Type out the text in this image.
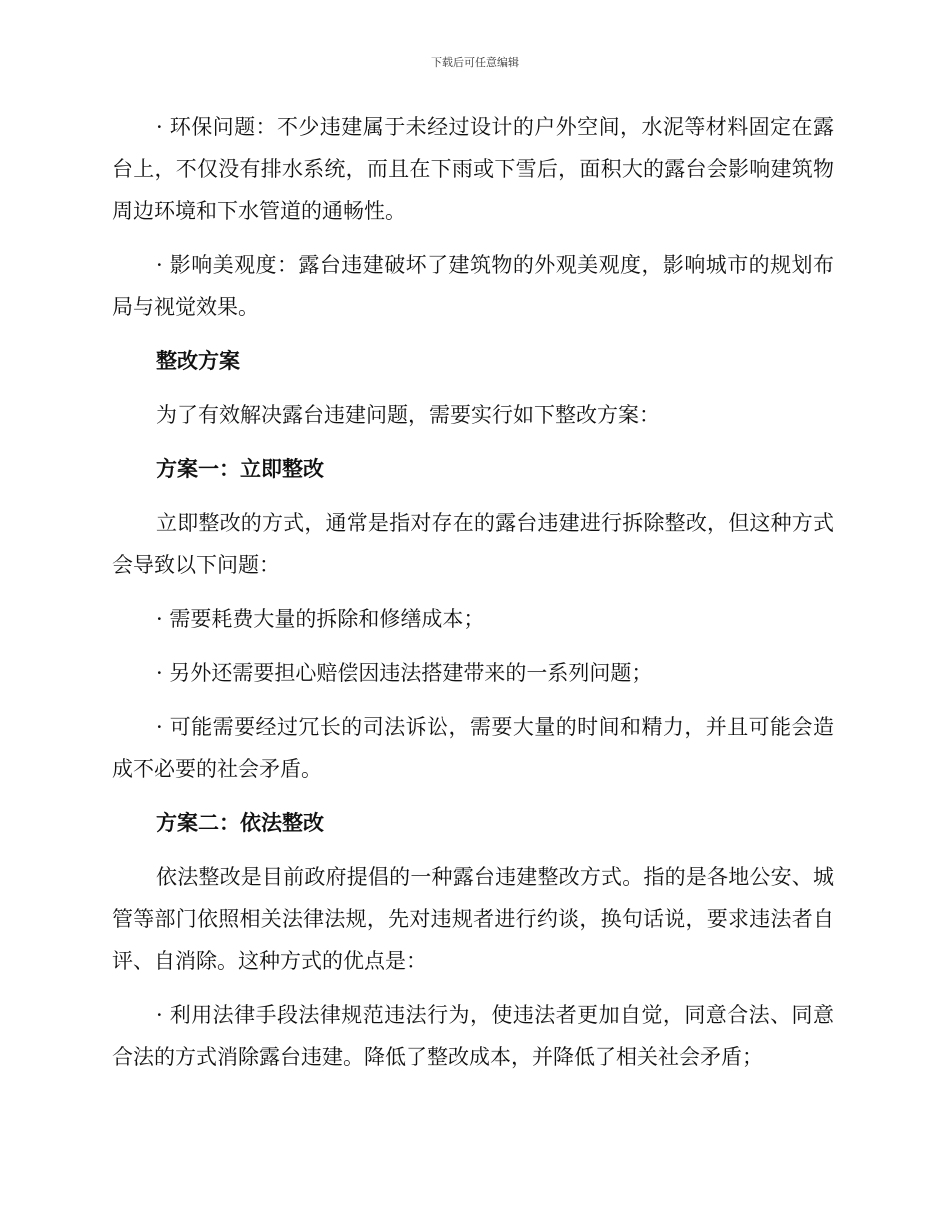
下载后可任意编辑

· 环保问题：不少违建属于未经过设计的户外空间，水泥等材料固定在露台上，不仅没有排水系统，而且在下雨或下雪后，面积大的露台会影响建筑物周边环境和下水管道的通畅性。

· 影响美观度：露台违建破坏了建筑物的外观美观度，影响城市的规划布局与视觉效果。

整改方案

为了有效解决露台违建问题，需要实行如下整改方案：

方案一：立即整改

立即整改的方式，通常是指对存在的露台违建进行拆除整改，但这种方式会导致以下问题：

· 需要耗费大量的拆除和修缮成本；

· 另外还需要担心赔偿因违法搭建带来的一系列问题；

· 可能需要经过冗长的司法诉讼，需要大量的时间和精力，并且可能会造成不必要的社会矛盾。

方案二：依法整改

依法整改是目前政府提倡的一种露台违建整改方式。指的是各地公安、城管等部门依照相关法律法规，先对违规者进行约谈，换句话说，要求违法者自评、自消除。这种方式的优点是：

· 利用法律手段法律规范违法行为，使违法者更加自觉，同意合法、同意合法的方式消除露台违建。降低了整改成本，并降低了相关社会矛盾；
